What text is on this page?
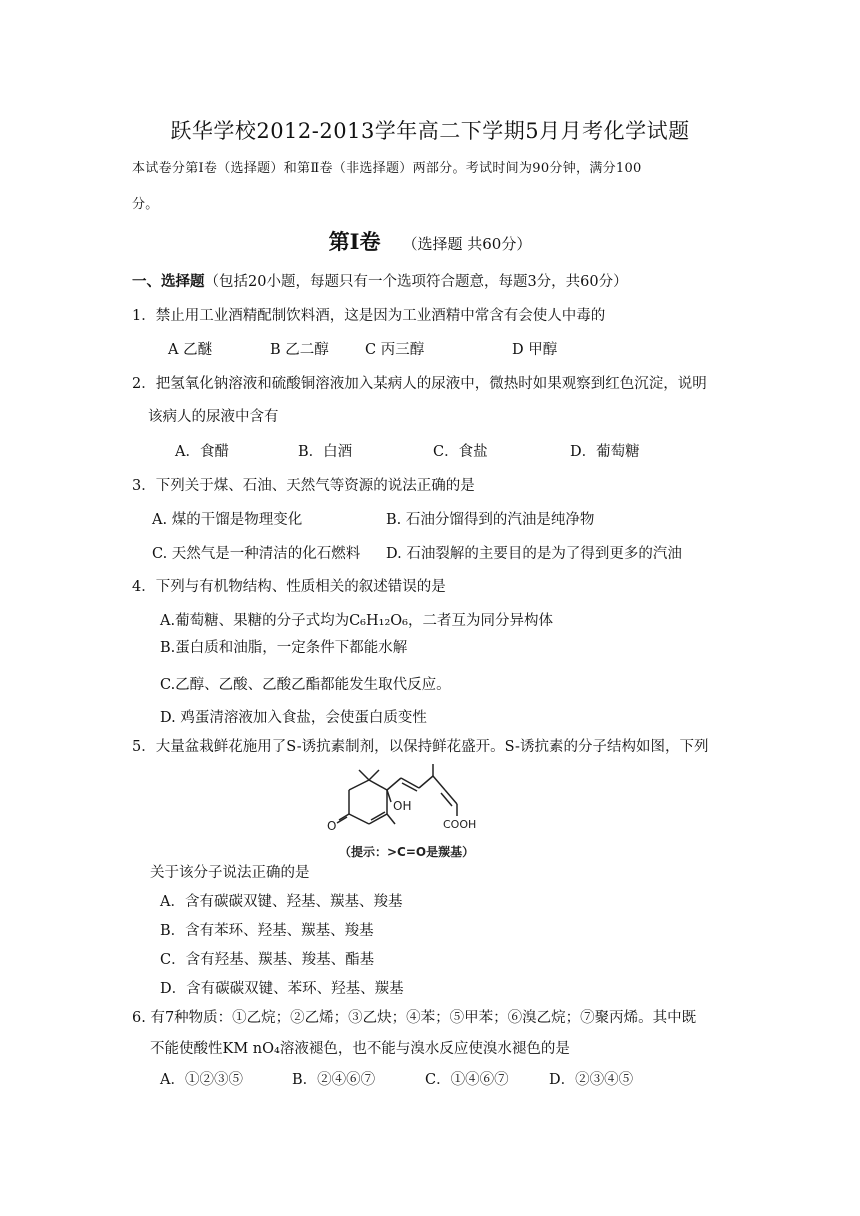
跃华学校2012-2013学年高二下学期5月月考化学试题
本试卷分第Ⅰ卷（选择题）和第Ⅱ卷（非选择题）两部分。考试时间为90分钟，满分100
分。
第Ⅰ卷 （选择题 共60分）
一、选择题（包括20小题，每题只有一个选项符合题意，每题3分，共60分）
1．禁止用工业酒精配制饮料酒，这是因为工业酒精中常含有会使人中毒的
A 乙醚	B 乙二醇 C 丙三醇	D 甲醇
2．把氢氧化钠溶液和硫酸铜溶液加入某病人的尿液中，微热时如果观察到红色沉淀，说明
该病人的尿液中含有
A．食醋	B．白酒	C．食盐	D．葡萄糖
3．下列关于煤、石油、天然气等资源的说法正确的是
A. 煤的干馏是物理变化	B. 石油分馏得到的汽油是纯净物
C. 天然气是一种清洁的化石燃料 D. 石油裂解的主要目的是为了得到更多的汽油
4．下列与有机物结构、性质相关的叙述错误的是
A.葡萄糖、果糖的分子式均为C₆H₁₂O₆，二者互为同分异构体
B.蛋白质和油脂，一定条件下都能水解
C.乙醇、乙酸、乙酸乙酯都能发生取代反应。
D. 鸡蛋清溶液加入食盐，会使蛋白质变性
5．大量盆栽鲜花施用了S-诱抗素制剂，以保持鲜花盛开。S-诱抗素的分子结构如图，下列
OH
COOH
O
（提示：>C=O是羰基）
关于该分子说法正确的是
A．含有碳碳双键、羟基、羰基、羧基
B．含有苯环、羟基、羰基、羧基
C．含有羟基、羰基、羧基、酯基
D．含有碳碳双键、苯环、羟基、羰基
6. 有7种物质：①乙烷；②乙烯；③乙炔；④苯；⑤甲苯；⑥溴乙烷；⑦聚丙烯。其中既
不能使酸性KM nO₄溶液褪色，也不能与溴水反应使溴水褪色的是
A．①②③⑤	B．②④⑥⑦	C．①④⑥⑦	D．②③④⑤
